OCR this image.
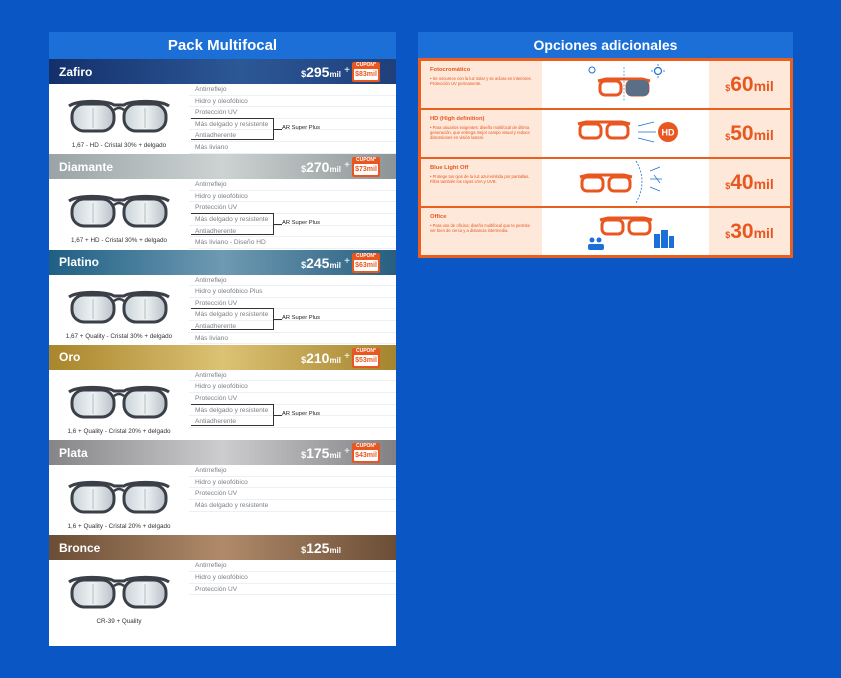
Pack Multifocal
Zafiro	$295mil +	CUPÓN*
$83mil
1,67 - HD - Cristal 30% + delgado
Antirreflejo
Hidro y oleofóbico
Protección UV
Más delgado y resistente
Antiadherente
Más liviano
AR Super Plus
Diamante	$270mil +	CUPÓN*
$73mil
1,67 + HD - Cristal 30% + delgado
Antirreflejo
Hidro y oleofóbico
Protección UV
Más delgado y resistente
Antiadherente
Más liviano - Diseño HD
AR Super Plus
Platino	$245mil +	CUPÓN*
$63mil
1,67 + Quality - Cristal 30% + delgado
Antirreflejo
Hidro y oleofóbico Plus
Protección UV
Más delgado y resistente
Antiadherente
Más liviano
AR Super Plus
Oro	$210mil +	CUPÓN*
$53mil
1,6 + Quality - Cristal 20% + delgado
Antirreflejo
Hidro y oleofóbico
Protección UV
Más delgado y resistente
Antiadherente
AR Super Plus
Plata	$175mil +	CUPÓN*
$43mil
1,6 + Quality - Cristal 20% + delgado
Antirreflejo
Hidro y oleofóbico
Protección UV
Más delgado y resistente
Bronce	$125mil
CR-39 + Quality
Antirreflejo
Hidro y oleofóbico
Protección UV
Opciones adicionales
Fotocromático
• Se oscurece con la luz solar y se aclara en interiores. Protección UV permanente.	$60mil
HD (High definition)
• Para usuarios exigentes: diseño multifocal de última generación, que entrega mejor campo visual y reduce distorsiones en visión lateral.	HD	$50mil
Blue Light Off
• Protege tus ojos de la luz azul emitida por pantallas. Filtra también los rayos UVA y UVB.	$40mil
Office
• Para uso de oficina; diseño multifocal que te permite ver bien de cerca y a distancia intermedia.	$30mil
